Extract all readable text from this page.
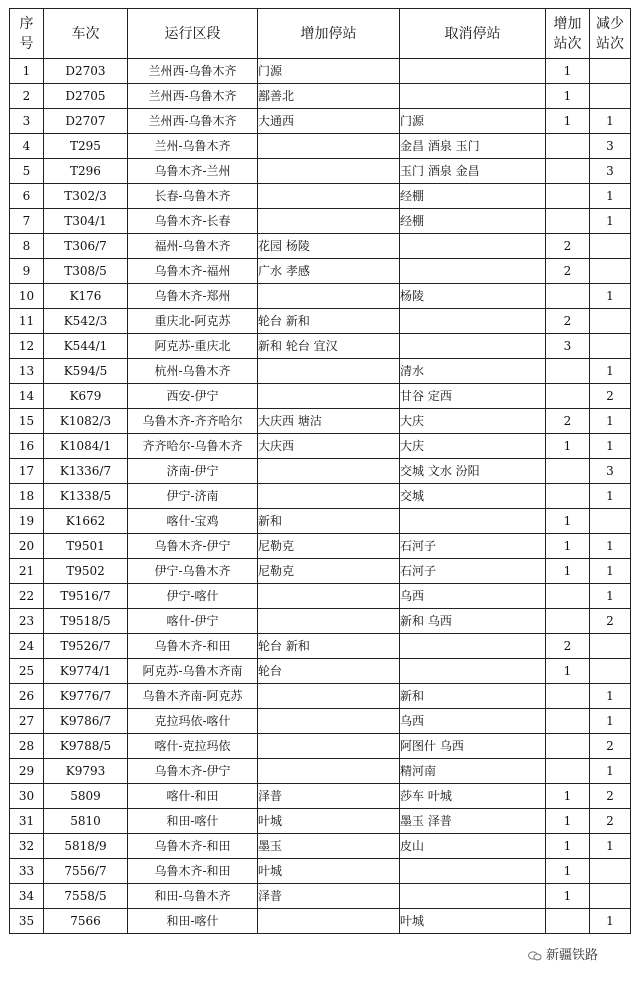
序号	车次	运行区段	增加停站	取消停站	增加站次	减少站次

1	D2703	兰州西-乌鲁木齐	门源		1	
2	D2705	兰州西-乌鲁木齐	鄯善北		1	
3	D2707	兰州西-乌鲁木齐	大通西	门源	1	1
4	T295	兰州-乌鲁木齐		金昌 酒泉 玉门		3
5	T296	乌鲁木齐-兰州		玉门 酒泉 金昌		3
6	T302/3	长春-乌鲁木齐		经棚		1
7	T304/1	乌鲁木齐-长春		经棚		1
8	T306/7	福州-乌鲁木齐	花园 杨陵		2	
9	T308/5	乌鲁木齐-福州	广水 孝感		2	
10	K176	乌鲁木齐-郑州		杨陵		1
11	K542/3	重庆北-阿克苏	轮台 新和		2	
12	K544/1	阿克苏-重庆北	新和 轮台 宜汉		3	
13	K594/5	杭州-乌鲁木齐		清水		1
14	K679	西安-伊宁		甘谷 定西		2
15	K1082/3	乌鲁木齐-齐齐哈尔	大庆西 塘沽	大庆	2	1
16	K1084/1	齐齐哈尔-乌鲁木齐	大庆西	大庆	1	1
17	K1336/7	济南-伊宁		交城 文水 汾阳		3
18	K1338/5	伊宁-济南		交城		1
19	K1662	喀什-宝鸡	新和		1	
20	T9501	乌鲁木齐-伊宁	尼勒克	石河子	1	1
21	T9502	伊宁-乌鲁木齐	尼勒克	石河子	1	1
22	T9516/7	伊宁-喀什		乌西		1
23	T9518/5	喀什-伊宁		新和 乌西		2
24	T9526/7	乌鲁木齐-和田	轮台 新和		2	
25	K9774/1	阿克苏-乌鲁木齐南	轮台		1	
26	K9776/7	乌鲁木齐南-阿克苏		新和		1
27	K9786/7	克拉玛依-喀什		乌西		1
28	K9788/5	喀什-克拉玛依		阿图什 乌西		2
29	K9793	乌鲁木齐-伊宁		精河南		1
30	5809	喀什-和田	泽普	莎车 叶城	1	2
31	5810	和田-喀什	叶城	墨玉 泽普	1	2
32	5818/9	乌鲁木齐-和田	墨玉	皮山	1	1
33	7556/7	乌鲁木齐-和田	叶城		1	
34	7558/5	和田-乌鲁木齐	泽普		1	
35	7566	和田-喀什		叶城		1
新疆铁路
